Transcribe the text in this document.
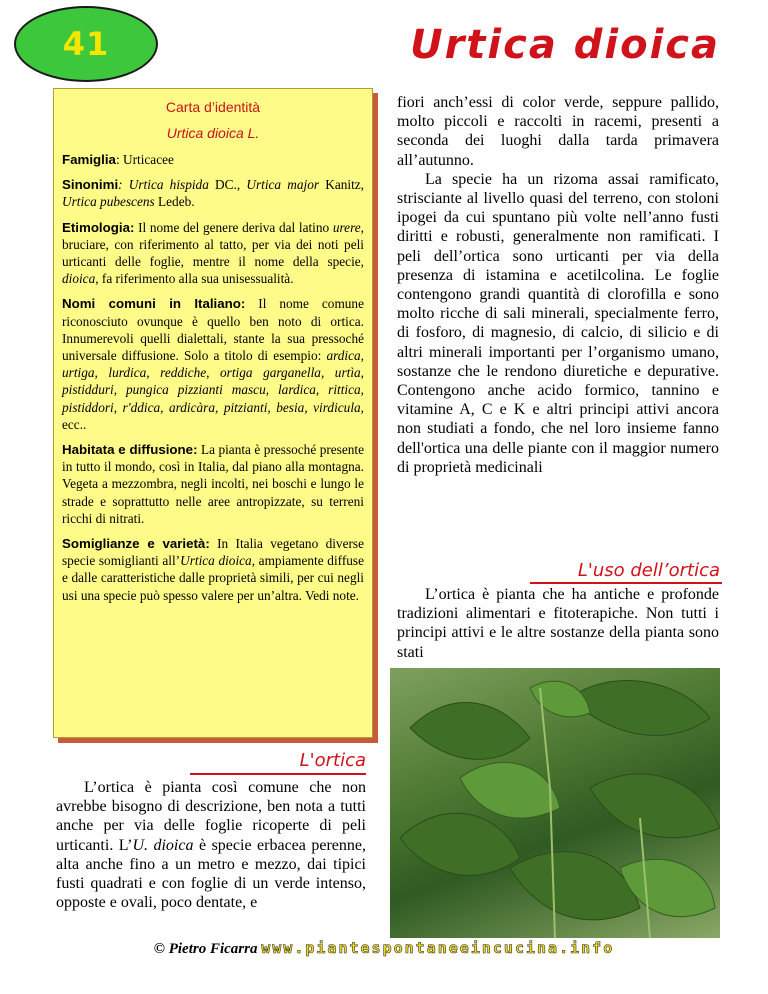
41	Urtica dioica
Carta d’identità
Urtica dioica L.

Famiglia: Urticacee

Sinonimi: Urtica hispida DC., Urtica major Kanitz, Urtica pubescens Ledeb.

Etimologia: Il nome del genere deriva dal latino urere, bruciare, con riferimento al tatto, per via dei noti peli urticanti delle foglie, mentre il nome della specie, dioica, fa riferimento alla sua unisessualità.

Nomi comuni in Italiano: Il nome comune riconosciuto ovunque è quello ben noto di ortica. Innumerevoli quelli dialettali, stante la sua pressoché universale diffusione. Solo a titolo di esempio: ardica, urtiga, lurdica, reddiche, ortiga garganella, urtìa, pistidduri, pungica pizzianti mascu, lardica, rittica, pistiddori, r'ddica, ardicàra, pitzianti, besia, virdicula, ecc..

Habitata e diffusione: La pianta è pressoché presente in tutto il mondo, così in Italia, dal piano alla montagna. Vegeta a mezzombra, negli incolti, nei boschi e lungo le strade e soprattutto nelle aree antropizzate, su terreni ricchi di nitrati.

Somiglianze e varietà: In Italia vegetano diverse specie somiglianti all’Urtica dioica, ampiamente diffuse e dalle caratteristiche dalle proprietà simili, per cui negli usi una specie può spesso valere per un’altra. Vedi note.

L'ortica

L’ortica è pianta così comune che non avrebbe bisogno di descrizione, ben nota a tutti anche per via delle foglie ricoperte di peli urticanti. L’U. dioica è specie erbacea perenne, alta anche fino a un metro e mezzo, dai tipici fusti quadrati e con foglie di un verde intenso, opposte e ovali, poco dentate, e

fiori anch’essi di color verde, seppure pallido, molto piccoli e raccolti in racemi, presenti a seconda dei luoghi dalla tarda primavera all’autunno.

La specie ha un rizoma assai ramificato, strisciante al livello quasi del terreno, con stoloni ipogei da cui spuntano più volte nell’anno fusti diritti e robusti, generalmente non ramificati. I peli dell’ortica sono urticanti per via della presenza di istamina e acetilcolina. Le foglie contengono grandi quantità di clorofilla e sono molto ricche di sali minerali, specialmente ferro, di fosforo, di magnesio, di calcio, di silicio e di altri minerali importanti per l’organismo umano, sostanze che le rendono diuretiche e depurative. Contengono anche acido formico, tannino e vitamine A, C e K e altri principi attivi ancora non studiati a fondo, che nel loro insieme fanno dell'ortica una delle piante con il maggior numero di proprietà medicinali

L'uso dell’ortica

L’ortica è pianta che ha antiche e profonde tradizioni alimentari e fitoterapiche. Non tutti i principi attivi e le altre sostanze della pianta sono stati

© Pietro Ficarra www.piantespontaneeincucina.info
